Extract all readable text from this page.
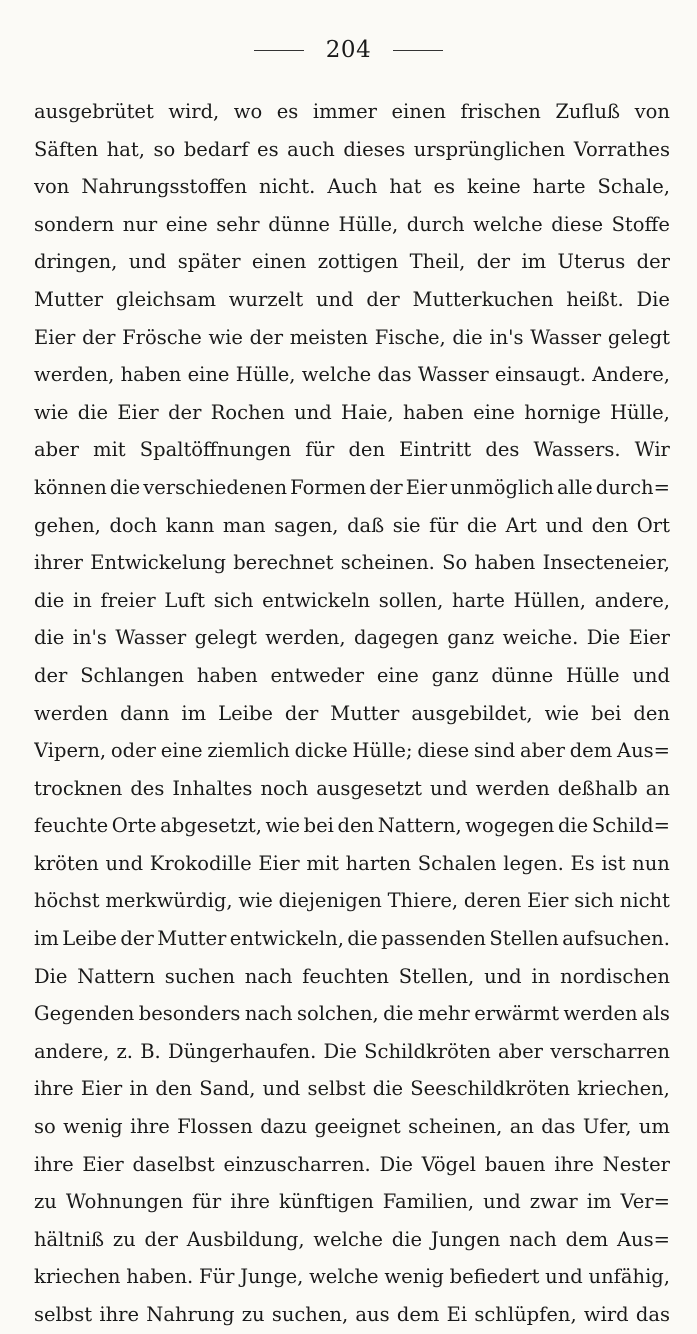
204
ausgebrütet wird, wo es immer einen frischen Zufluß von
Säften hat, so bedarf es auch dieses ursprünglichen Vorrathes
von Nahrungsstoffen nicht. Auch hat es keine harte Schale,
sondern nur eine sehr dünne Hülle, durch welche diese Stoffe
dringen, und später einen zottigen Theil, der im Uterus der
Mutter gleichsam wurzelt und der Mutterkuchen heißt. Die
Eier der Frösche wie der meisten Fische, die in's Wasser gelegt
werden, haben eine Hülle, welche das Wasser einsaugt. Andere,
wie die Eier der Rochen und Haie, haben eine hornige Hülle,
aber mit Spaltöffnungen für den Eintritt des Wassers. Wir
können die verschiedenen Formen der Eier unmöglich alle durch=
gehen, doch kann man sagen, daß sie für die Art und den Ort
ihrer Entwickelung berechnet scheinen. So haben Insecteneier,
die in freier Luft sich entwickeln sollen, harte Hüllen, andere,
die in's Wasser gelegt werden, dagegen ganz weiche. Die Eier
der Schlangen haben entweder eine ganz dünne Hülle und
werden dann im Leibe der Mutter ausgebildet, wie bei den
Vipern, oder eine ziemlich dicke Hülle; diese sind aber dem Aus=
trocknen des Inhaltes noch ausgesetzt und werden deßhalb an
feuchte Orte abgesetzt, wie bei den Nattern, wogegen die Schild=
kröten und Krokodille Eier mit harten Schalen legen. Es ist nun
höchst merkwürdig, wie diejenigen Thiere, deren Eier sich nicht
im Leibe der Mutter entwickeln, die passenden Stellen aufsuchen.
Die Nattern suchen nach feuchten Stellen, und in nordischen
Gegenden besonders nach solchen, die mehr erwärmt werden als
andere, z. B. Düngerhaufen. Die Schildkröten aber verscharren
ihre Eier in den Sand, und selbst die Seeschildkröten kriechen,
so wenig ihre Flossen dazu geeignet scheinen, an das Ufer, um
ihre Eier daselbst einzuscharren. Die Vögel bauen ihre Nester
zu Wohnungen für ihre künftigen Familien, und zwar im Ver=
hältniß zu der Ausbildung, welche die Jungen nach dem Aus=
kriechen haben. Für Junge, welche wenig befiedert und unfähig,
selbst ihre Nahrung zu suchen, aus dem Ei schlüpfen, wird das
